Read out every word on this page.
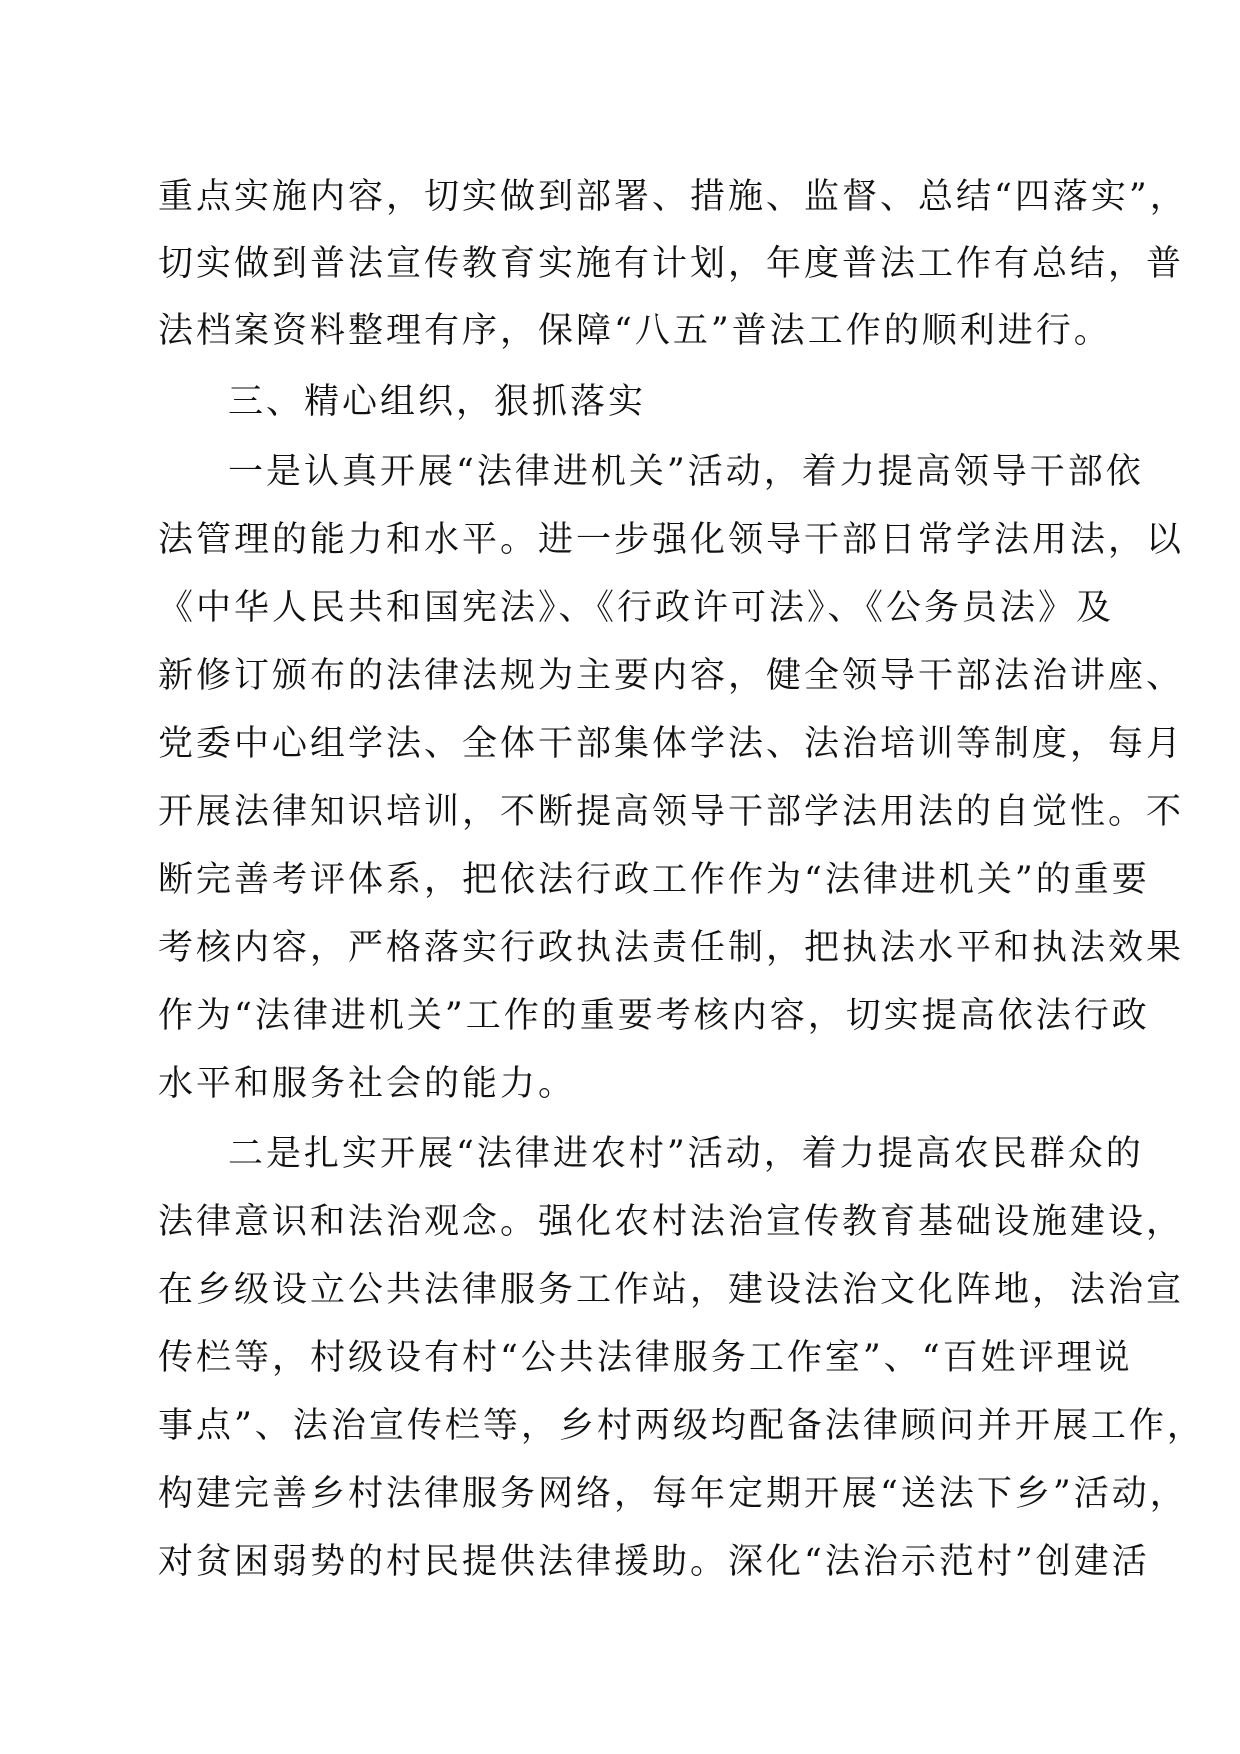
重点实施内容，切实做到部署、措施、监督、总结“四落实”，
切实做到普法宣传教育实施有计划，年度普法工作有总结，普
法档案资料整理有序，保障“八五”普法工作的顺利进行。
三、精心组织，狠抓落实
一是认真开展“法律进机关”活动，着力提高领导干部依
法管理的能力和水平。进一步强化领导干部日常学法用法，以
《中华人民共和国宪法》、《行政许可法》、《公务员法》及
新修订颁布的法律法规为主要内容，健全领导干部法治讲座、
党委中心组学法、全体干部集体学法、法治培训等制度，每月
开展法律知识培训，不断提高领导干部学法用法的自觉性。不
断完善考评体系，把依法行政工作作为“法律进机关”的重要
考核内容，严格落实行政执法责任制，把执法水平和执法效果
作为“法律进机关”工作的重要考核内容，切实提高依法行政
水平和服务社会的能力。
二是扎实开展“法律进农村”活动，着力提高农民群众的
法律意识和法治观念。强化农村法治宣传教育基础设施建设，
在乡级设立公共法律服务工作站，建设法治文化阵地，法治宣
传栏等，村级设有村“公共法律服务工作室”、“百姓评理说
事点”、法治宣传栏等，乡村两级均配备法律顾问并开展工作，
构建完善乡村法律服务网络，每年定期开展“送法下乡”活动，
对贫困弱势的村民提供法律援助。深化“法治示范村”创建活
